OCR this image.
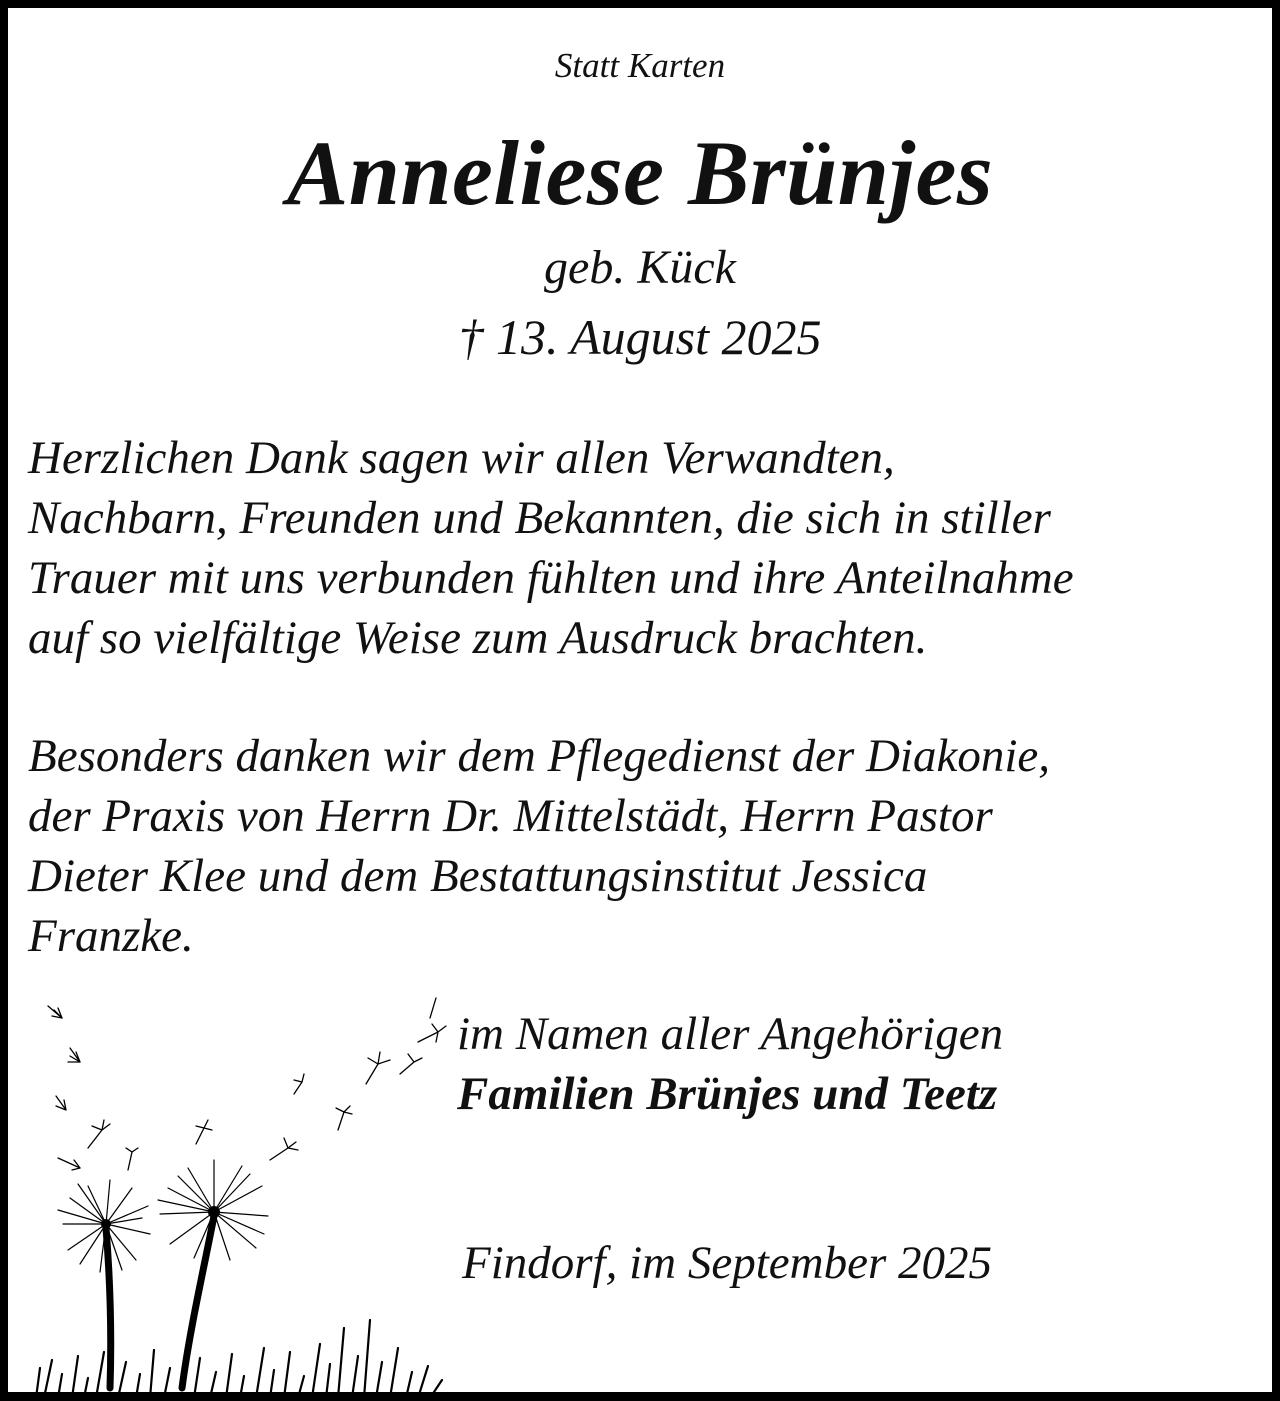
Statt Karten
Anneliese Brünjes
geb. Kück
† 13. August 2025
Herzlichen Dank sagen wir allen Verwandten,
Nachbarn, Freunden und Bekannten, die sich in stiller
Trauer mit uns verbunden fühlten und ihre Anteilnahme
auf so vielfältige Weise zum Ausdruck brachten.
Besonders danken wir dem Pflegedienst der Diakonie,
der Praxis von Herrn Dr. Mittelstädt, Herrn Pastor
Dieter Klee und dem Bestattungsinstitut Jessica
Franzke.
im Namen aller Angehörigen
Familien Brünjes und Teetz
Findorf, im September 2025
